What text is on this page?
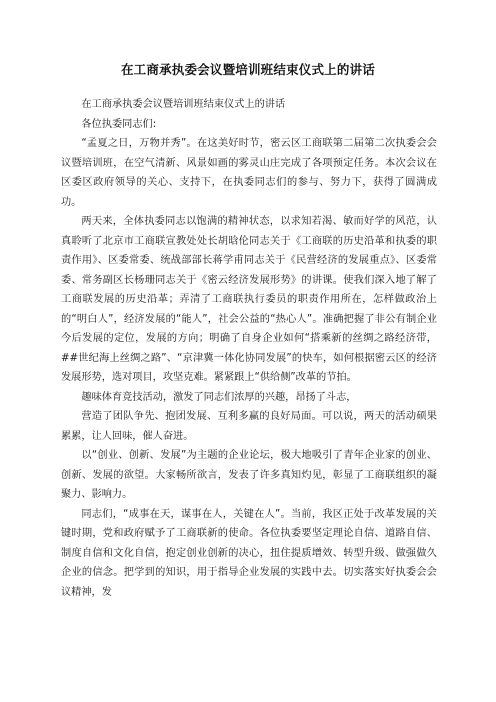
在工商承执委会议暨培训班结束仪式上的讲话

在工商承执委会议暨培训班结束仪式上的讲话

各位执委同志们:

“孟夏之日，万物并秀”。在这美好时节，密云区工商联第二届第二次执委会会议暨培训班，在空气清新、风景如画的雾灵山庄完成了各项预定任务。本次会议在区委区政府领导的关心、支持下，在执委同志们的参与、努力下，获得了圆满成功。

两天来，全体执委同志以饱满的精神状态，以求知若渴、敏而好学的风范，认真聆听了北京市工商联宣教处处长胡晗伦同志关于《工商联的历史沿革和执委的职责作用》、区委常委、统战部部长蒋学甫同志关于《民营经济的发展重点》、区委常委、常务副区长杨珊同志关于《密云经济发展形势》的讲课。使我们深入地了解了工商联发展的历史沿革；弄清了工商联执行委员的职责作用所在，怎样做政治上的“明白人”，经济发展的“能人”，社会公益的“热心人”。准确把握了非公有制企业今后发展的定位，发展的方向；明确了自身企业如何“搭乘新的丝绸之路经济带，##世纪海上丝绸之路”、“京津冀一体化协同发展”的快车，如何根据密云区的经济发展形势，选对项目，攻坚克难。紧紧跟上“供给侧”改革的节拍。

趣味体育竞技活动，激发了同志们浓厚的兴趣，昂扬了斗志，

营造了团队争先、抱团发展、互利多赢的良好局面。可以说，两天的活动硕果累累，让人回味，催人奋进。

以“创业、创新、发展”为主题的企业论坛，极大地吸引了青年企业家的创业、创新、发展的欲望。大家畅所欲言，发表了许多真知灼见，彰显了工商联组织的凝聚力、影响力。

同志们，“成事在天，谋事在人，关键在人”。当前，我区正处于改革发展的关键时期，党和政府赋予了工商联新的使命。各位执委要坚定理论自信、道路自信、制度自信和文化自信，抱定创业创新的决心，扭住提质增效、转型升级、做强做久企业的信念。把学到的知识，用于指导企业发展的实践中去。切实落实好执委会会议精神，发
